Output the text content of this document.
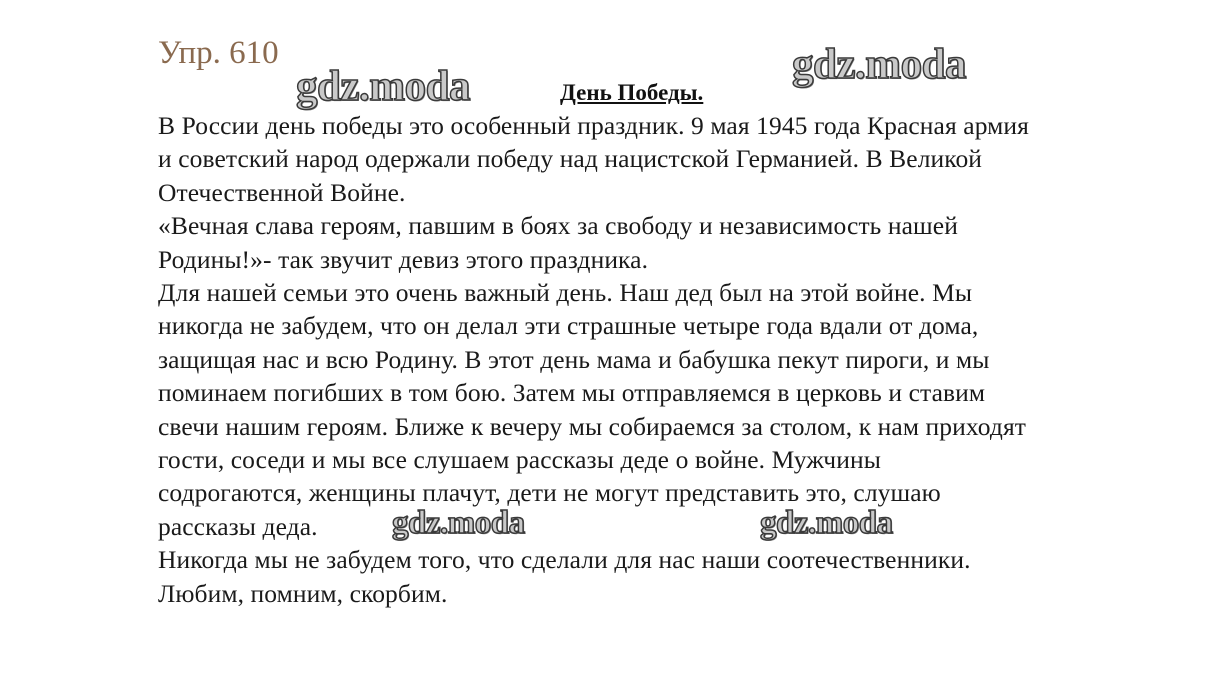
Упр. 610
gdz.moda	gdz.moda
День Победы.
В России день победы это особенный праздник. 9 мая 1945 года Красная армия
и советский народ одержали победу над нацистской Германией. В Великой
Отечественной Войне.
«Вечная слава героям, павшим в боях за свободу и независимость нашей
Родины!»- так звучит девиз этого праздника.
Для нашей семьи это очень важный день. Наш дед был на этой войне. Мы
никогда не забудем, что он делал эти страшные четыре года вдали от дома,
защищая нас и всю Родину. В этот день мама и бабушка пекут пироги, и мы
поминаем погибших в том бою. Затем мы отправляемся в церковь и ставим
свечи нашим героям. Ближе к вечеру мы собираемся за столом, к нам приходят
гости, соседи и мы все слушаем рассказы деде о войне. Мужчины
содрогаются, женщины плачут, дети не могут представить это, слушаю
рассказы деда.
Никогда мы не забудем того, что сделали для нас наши соотечественники.
Любим, помним, скорбим.
gdz.moda	gdz.moda
